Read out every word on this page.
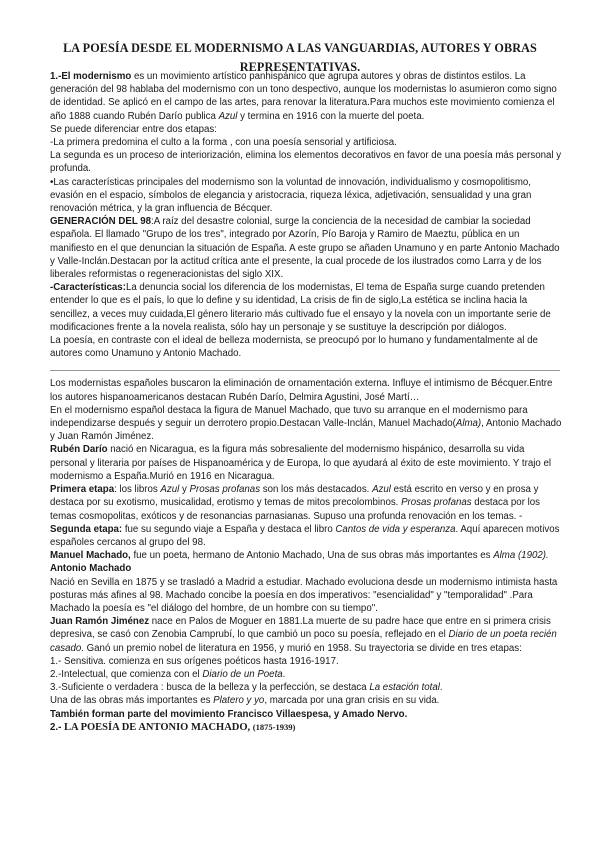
LA POESÍA DESDE EL MODERNISMO A LAS VANGUARDIAS, AUTORES Y OBRAS REPRESENTATIVAS.

1.-El modernismo es un movimiento artístico panhispánico que agrupa autores y obras de distintos estilos. La generación del 98 hablaba del modernismo con un tono despectivo, aunque los modernistas lo asumieron como signo de identidad. Se aplicó en el campo de las artes, para renovar la literatura.Para muchos este movimiento comienza el año 1888 cuando Rubén Darío publica Azul y termina en 1916 con la muerte del poeta.

Se puede diferenciar entre dos etapas:

-La primera predomina el culto a la forma , con una poesía sensorial y artificiosa.

La segunda es un proceso de interiorización, elimina los elementos decorativos en favor de una poesía más personal y profunda.

•Las características principales del modernismo son la voluntad de innovación, individualismo y cosmopolitismo, evasión en el espacio, símbolos de elegancia y aristocracia, riqueza léxica, adjetivación, sensualidad y una gran renovación métrica, y la gran influencia de Bécquer.

GENERACIÓN DEL 98:A raíz del desastre colonial, surge la conciencia de la necesidad de cambiar la sociedad española. El llamado "Grupo de los tres", integrado por Azorín, Pío Baroja y Ramiro de Maeztu, pública en un manifiesto en el que denuncian la situación de España. A este grupo se añaden Unamuno y en parte Antonio Machado y Valle-Inclán.Destacan por la actitud crítica ante el presente, la cual procede de los ilustrados como Larra y de los liberales reformistas o regeneracionistas del siglo XIX.

-Características:La denuncia social los diferencia de los modernistas, El tema de España surge cuando pretenden entender lo que es el país, lo que lo define y su identidad, La crisis de fin de siglo,La estética se inclina hacia la sencillez, a veces muy cuidada,El género literario más cultivado fue el ensayo y la novela con un importante serie de modificaciones frente a la novela realista, sólo hay un personaje y se sustituye la descripción por diálogos.

La poesía, en contraste con el ideal de belleza modernista, se preocupó por lo humano y fundamentalmente al de autores como Unamuno y Antonio Machado.

Los modernistas españoles buscaron la eliminación de ornamentación externa. Influye el intimismo de Bécquer.Entre los autores hispanoamericanos destacan Rubén Darío, Delmira Agustini, José Martí…

En el modernismo español destaca la figura de Manuel Machado, que tuvo su arranque en el modernismo para independizarse después y seguir un derrotero propio.Destacan Valle-Inclán, Manuel Machado(Alma), Antonio Machado y Juan Ramón Jiménez.

Rubén Darío nació en Nicaragua, es la figura más sobresaliente del modernismo hispánico, desarrolla su vida personal y literaria por países de Hispanoamérica y de Europa, lo que ayudará al éxito de este movimiento. Y trajo el modernismo a España.Murió en 1916 en Nicaragua.

Primera etapa: los libros Azul y Prosas profanas son los más destacados. Azul está escrito en verso y en prosa y destaca por su exotismo, musicalidad, erotismo y temas de mitos precolombinos. Prosas profanas destaca por los temas cosmopolitas, exóticos y de resonancias parnasianas. Supuso una profunda renovación en los temas. - Segunda etapa: fue su segundo viaje a España y destaca el libro Cantos de vida y esperanza. Aquí aparecen motivos españoles cercanos al grupo del 98.

Manuel Machado, fue un poeta, hermano de Antonio Machado, Una de sus obras más importantes es Alma (1902).

Antonio Machado

Nació en Sevilla en 1875 y se trasladó a Madrid a estudiar. Machado evoluciona desde un modernismo intimista hasta posturas más afines al 98. Machado concibe la poesía en dos imperativos: "esencialidad" y "temporalidad" .Para Machado la poesía es "el diálogo del hombre, de un hombre con su tiempo".

Juan Ramón Jiménez nace en Palos de Moguer en 1881.La muerte de su padre hace que entre en si primera crisis depresiva, se casó con Zenobia Camprubí, lo que cambió un poco su poesía, reflejado en el Diario de un poeta recién casado. Ganó un premio nobel de literatura en 1956, y murió en 1958. Su trayectoria se divide en tres etapas:

1.- Sensitiva. comienza en sus orígenes poéticos hasta 1916-1917.

2.-Intelectual, que comienza con el Diario de un Poeta.

3.-Suficiente o verdadera : busca de la belleza y la perfección, se destaca La estación total.

Una de las obras más importantes es Platero y yo, marcada por una gran crisis en su vida.

También forman parte del movimiento Francisco Villaespesa, y Amado Nervo.

2.- LA POESÍA DE ANTONIO MACHADO, (1875-1939)
